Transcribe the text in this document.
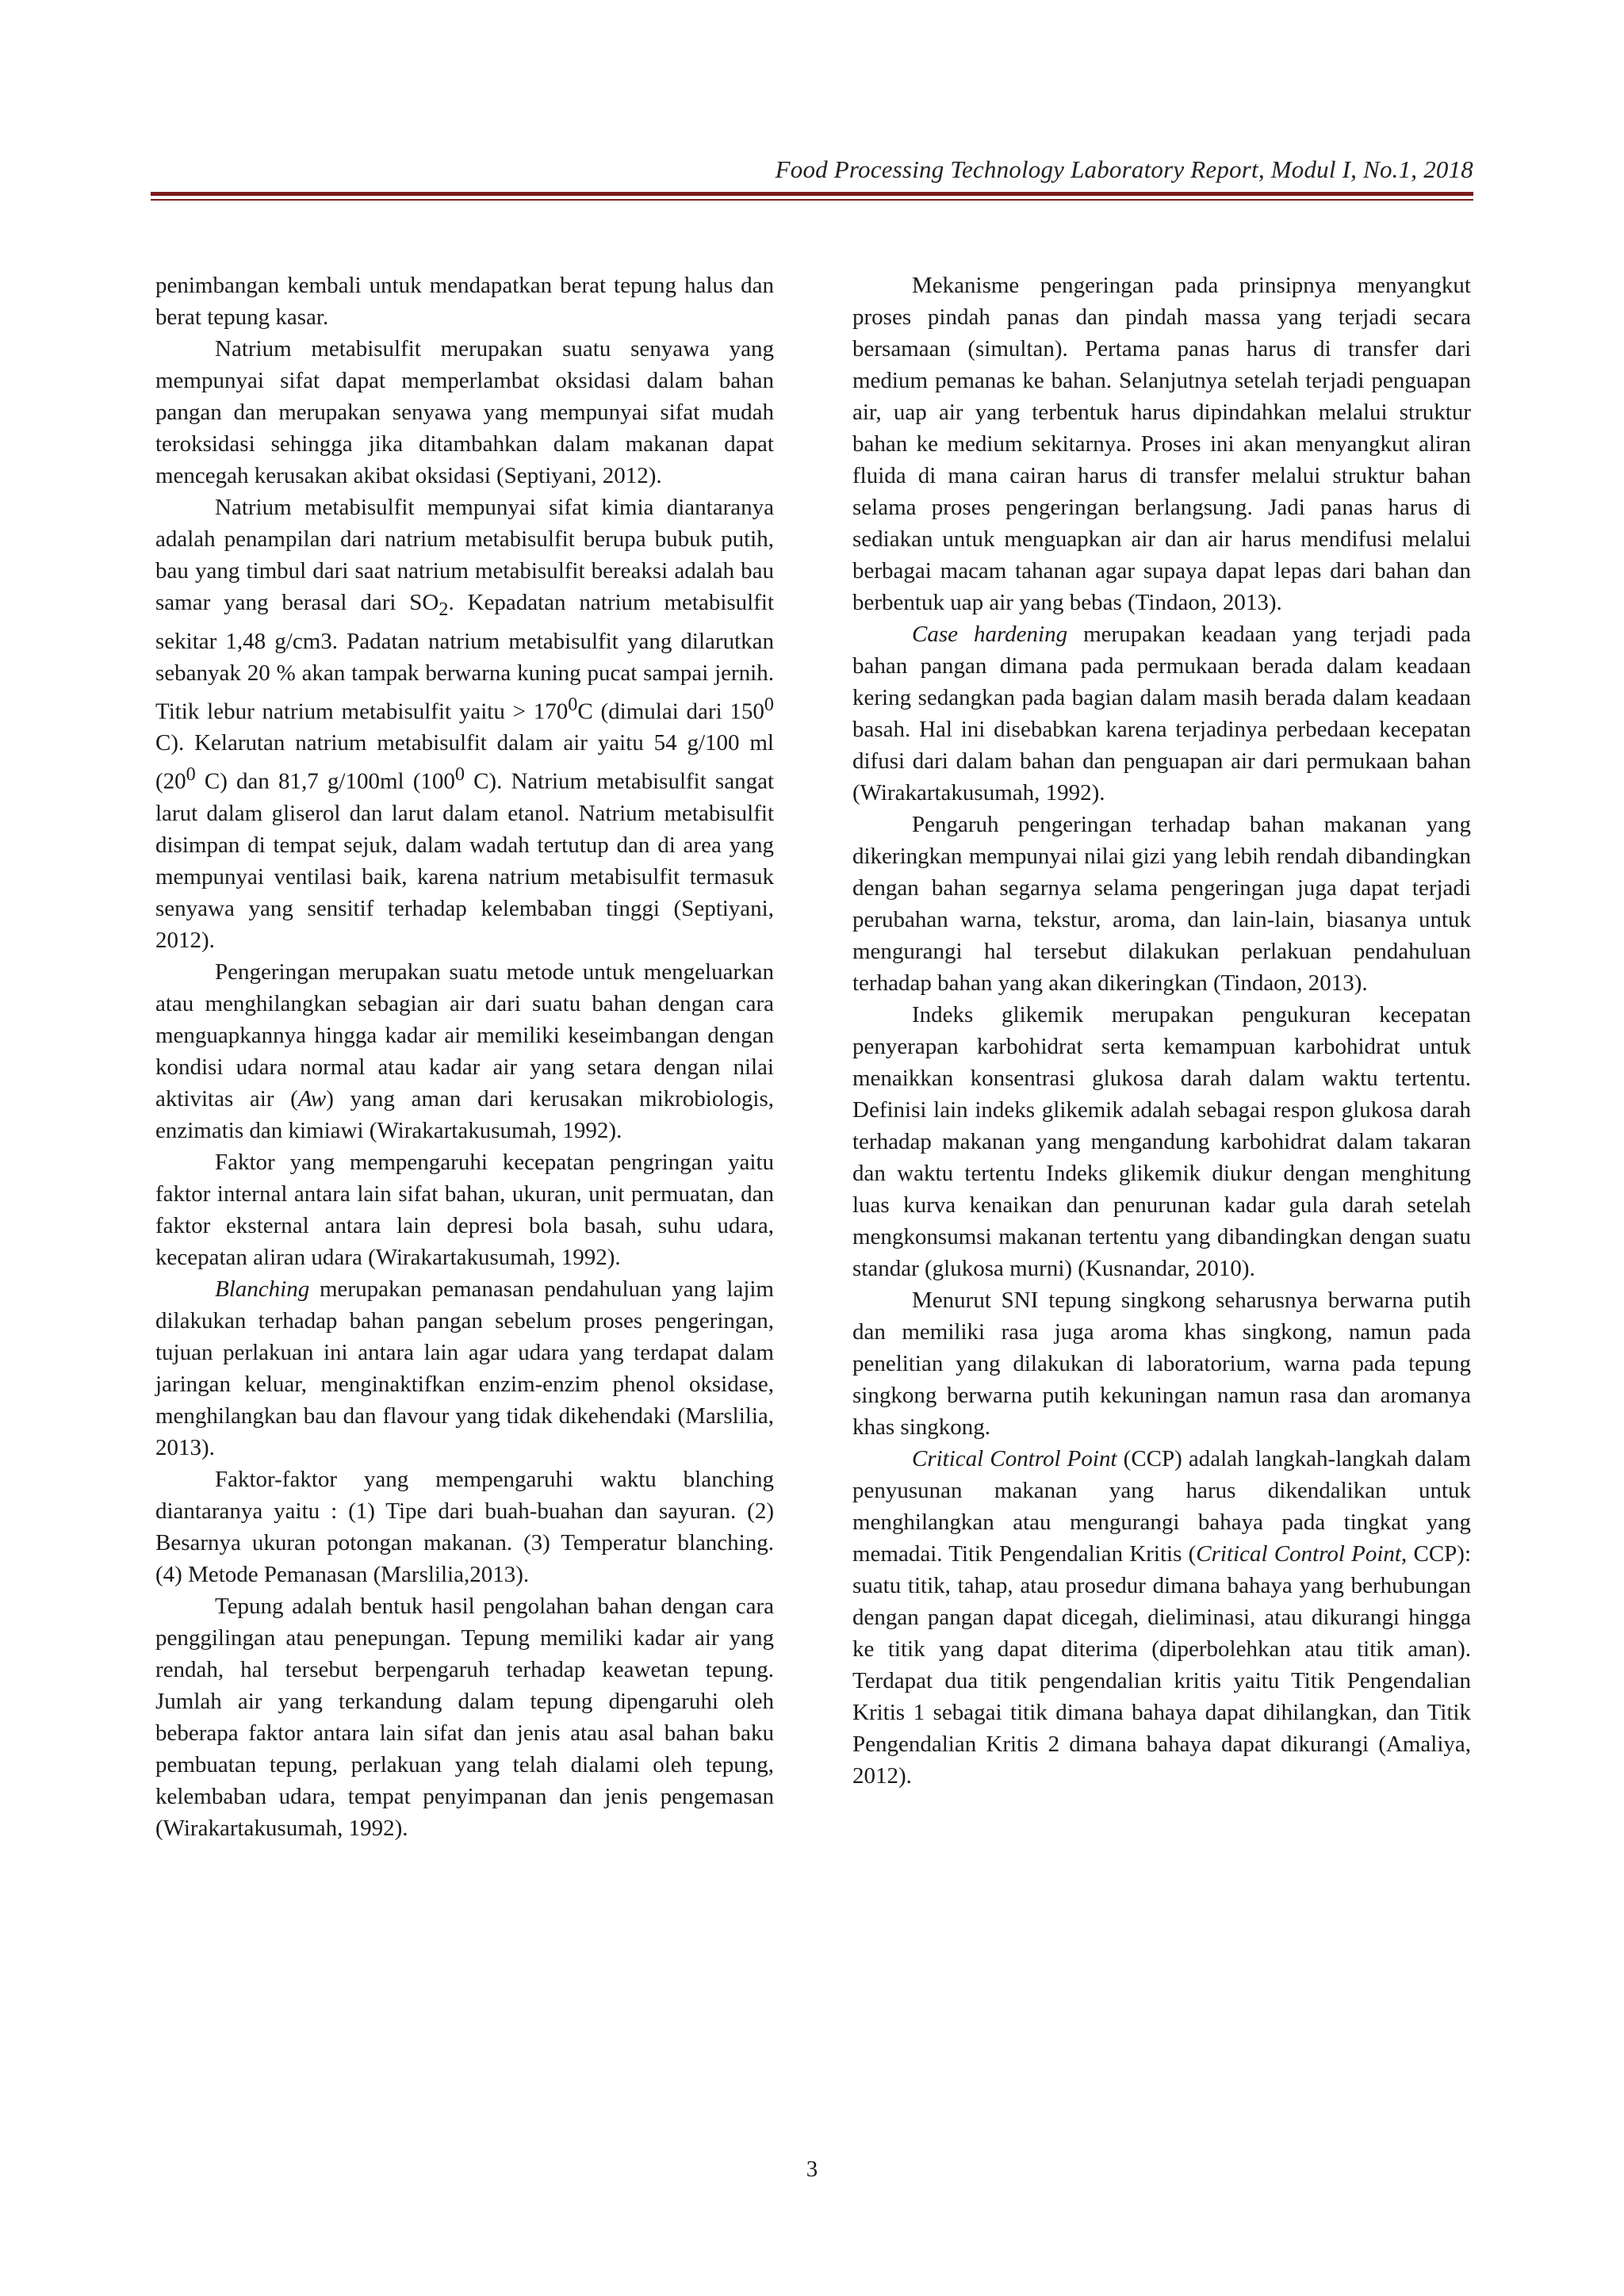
Food Processing Technology Laboratory Report, Modul I, No.1, 2018

penimbangan kembali untuk mendapatkan berat tepung halus dan berat tepung kasar.

Natrium metabisulfit merupakan suatu senyawa yang mempunyai sifat dapat memperlambat oksidasi dalam bahan pangan dan merupakan senyawa yang mempunyai sifat mudah teroksidasi sehingga jika ditambahkan dalam makanan dapat mencegah kerusakan akibat oksidasi (Septiyani, 2012).

Natrium metabisulfit mempunyai sifat kimia diantaranya adalah penampilan dari natrium metabisulfit berupa bubuk putih, bau yang timbul dari saat natrium metabisulfit bereaksi adalah bau samar yang berasal dari $SO_2$. Kepadatan natrium metabisulfit sekitar 1,48 g/cm3. Padatan natrium metabisulfit yang dilarutkan sebanyak 20 % akan tampak berwarna kuning pucat sampai jernih. Titik lebur natrium metabisulfit yaitu > $170^0C$ (dimulai dari $150^0$ C). Kelarutan natrium metabisulfit dalam air yaitu 54 g/100 ml ($20^0$ C) dan 81,7 g/100ml ($100^0$ C). Natrium metabisulfit sangat larut dalam gliserol dan larut dalam etanol. Natrium metabisulfit disimpan di tempat sejuk, dalam wadah tertutup dan di area yang mempunyai ventilasi baik, karena natrium metabisulfit termasuk senyawa yang sensitif terhadap kelembaban tinggi (Septiyani, 2012).

Pengeringan merupakan suatu metode untuk mengeluarkan atau menghilangkan sebagian air dari suatu bahan dengan cara menguapkannya hingga kadar air memiliki keseimbangan dengan kondisi udara normal atau kadar air yang setara dengan nilai aktivitas air (Aw) yang aman dari kerusakan mikrobiologis, enzimatis dan kimiawi (Wirakartakusumah, 1992).

Faktor yang mempengaruhi kecepatan pengringan yaitu faktor internal antara lain sifat bahan, ukuran, unit permuatan, dan faktor eksternal antara lain depresi bola basah, suhu udara, kecepatan aliran udara (Wirakartakusumah, 1992).

Blanching merupakan pemanasan pendahuluan yang lajim dilakukan terhadap bahan pangan sebelum proses pengeringan, tujuan perlakuan ini antara lain agar udara yang terdapat dalam jaringan keluar, menginaktifkan enzim-enzim phenol oksidase, menghilangkan bau dan flavour yang tidak dikehendaki (Marslilia, 2013).

Faktor-faktor yang mempengaruhi waktu blanching diantaranya yaitu : (1) Tipe dari buah-buahan dan sayuran. (2) Besarnya ukuran potongan makanan. (3) Temperatur blanching. (4) Metode Pemanasan (Marslilia,2013).

Tepung adalah bentuk hasil pengolahan bahan dengan cara penggilingan atau penepungan. Tepung memiliki kadar air yang rendah, hal tersebut berpengaruh terhadap keawetan tepung. Jumlah air yang terkandung dalam tepung dipengaruhi oleh beberapa faktor antara lain sifat dan jenis atau asal bahan baku pembuatan tepung, perlakuan yang telah dialami oleh tepung, kelembaban udara, tempat penyimpanan dan jenis pengemasan (Wirakartakusumah, 1992).

Mekanisme pengeringan pada prinsipnya menyangkut proses pindah panas dan pindah massa yang terjadi secara bersamaan (simultan). Pertama panas harus di transfer dari medium pemanas ke bahan. Selanjutnya setelah terjadi penguapan air, uap air yang terbentuk harus dipindahkan melalui struktur bahan ke medium sekitarnya. Proses ini akan menyangkut aliran fluida di mana cairan harus di transfer melalui struktur bahan selama proses pengeringan berlangsung. Jadi panas harus di sediakan untuk menguapkan air dan air harus mendifusi melalui berbagai macam tahanan agar supaya dapat lepas dari bahan dan berbentuk uap air yang bebas (Tindaon, 2013).

Case hardening merupakan keadaan yang terjadi pada bahan pangan dimana pada permukaan berada dalam keadaan kering sedangkan pada bagian dalam masih berada dalam keadaan basah. Hal ini disebabkan karena terjadinya perbedaan kecepatan difusi dari dalam bahan dan penguapan air dari permukaan bahan (Wirakartakusumah, 1992).

Pengaruh pengeringan terhadap bahan makanan yang dikeringkan mempunyai nilai gizi yang lebih rendah dibandingkan dengan bahan segarnya selama pengeringan juga dapat terjadi perubahan warna, tekstur, aroma, dan lain-lain, biasanya untuk mengurangi hal tersebut dilakukan perlakuan pendahuluan terhadap bahan yang akan dikeringkan (Tindaon, 2013).

Indeks glikemik merupakan pengukuran kecepatan penyerapan karbohidrat serta kemampuan karbohidrat untuk menaikkan konsentrasi glukosa darah dalam waktu tertentu. Definisi lain indeks glikemik adalah sebagai respon glukosa darah terhadap makanan yang mengandung karbohidrat dalam takaran dan waktu tertentu Indeks glikemik diukur dengan menghitung luas kurva kenaikan dan penurunan kadar gula darah setelah mengkonsumsi makanan tertentu yang dibandingkan dengan suatu standar (glukosa murni) (Kusnandar, 2010).

Menurut SNI tepung singkong seharusnya berwarna putih dan memiliki rasa juga aroma khas singkong, namun pada penelitian yang dilakukan di laboratorium, warna pada tepung singkong berwarna putih kekuningan namun rasa dan aromanya khas singkong.

Critical Control Point (CCP) adalah langkah-langkah dalam penyusunan makanan yang harus dikendalikan untuk menghilangkan atau mengurangi bahaya pada tingkat yang memadai. Titik Pengendalian Kritis (Critical Control Point, CCP): suatu titik, tahap, atau prosedur dimana bahaya yang berhubungan dengan pangan dapat dicegah, dieliminasi, atau dikurangi hingga ke titik yang dapat diterima (diperbolehkan atau titik aman). Terdapat dua titik pengendalian kritis yaitu Titik Pengendalian Kritis 1 sebagai titik dimana bahaya dapat dihilangkan, dan Titik Pengendalian Kritis 2 dimana bahaya dapat dikurangi (Amaliya, 2012).

3
